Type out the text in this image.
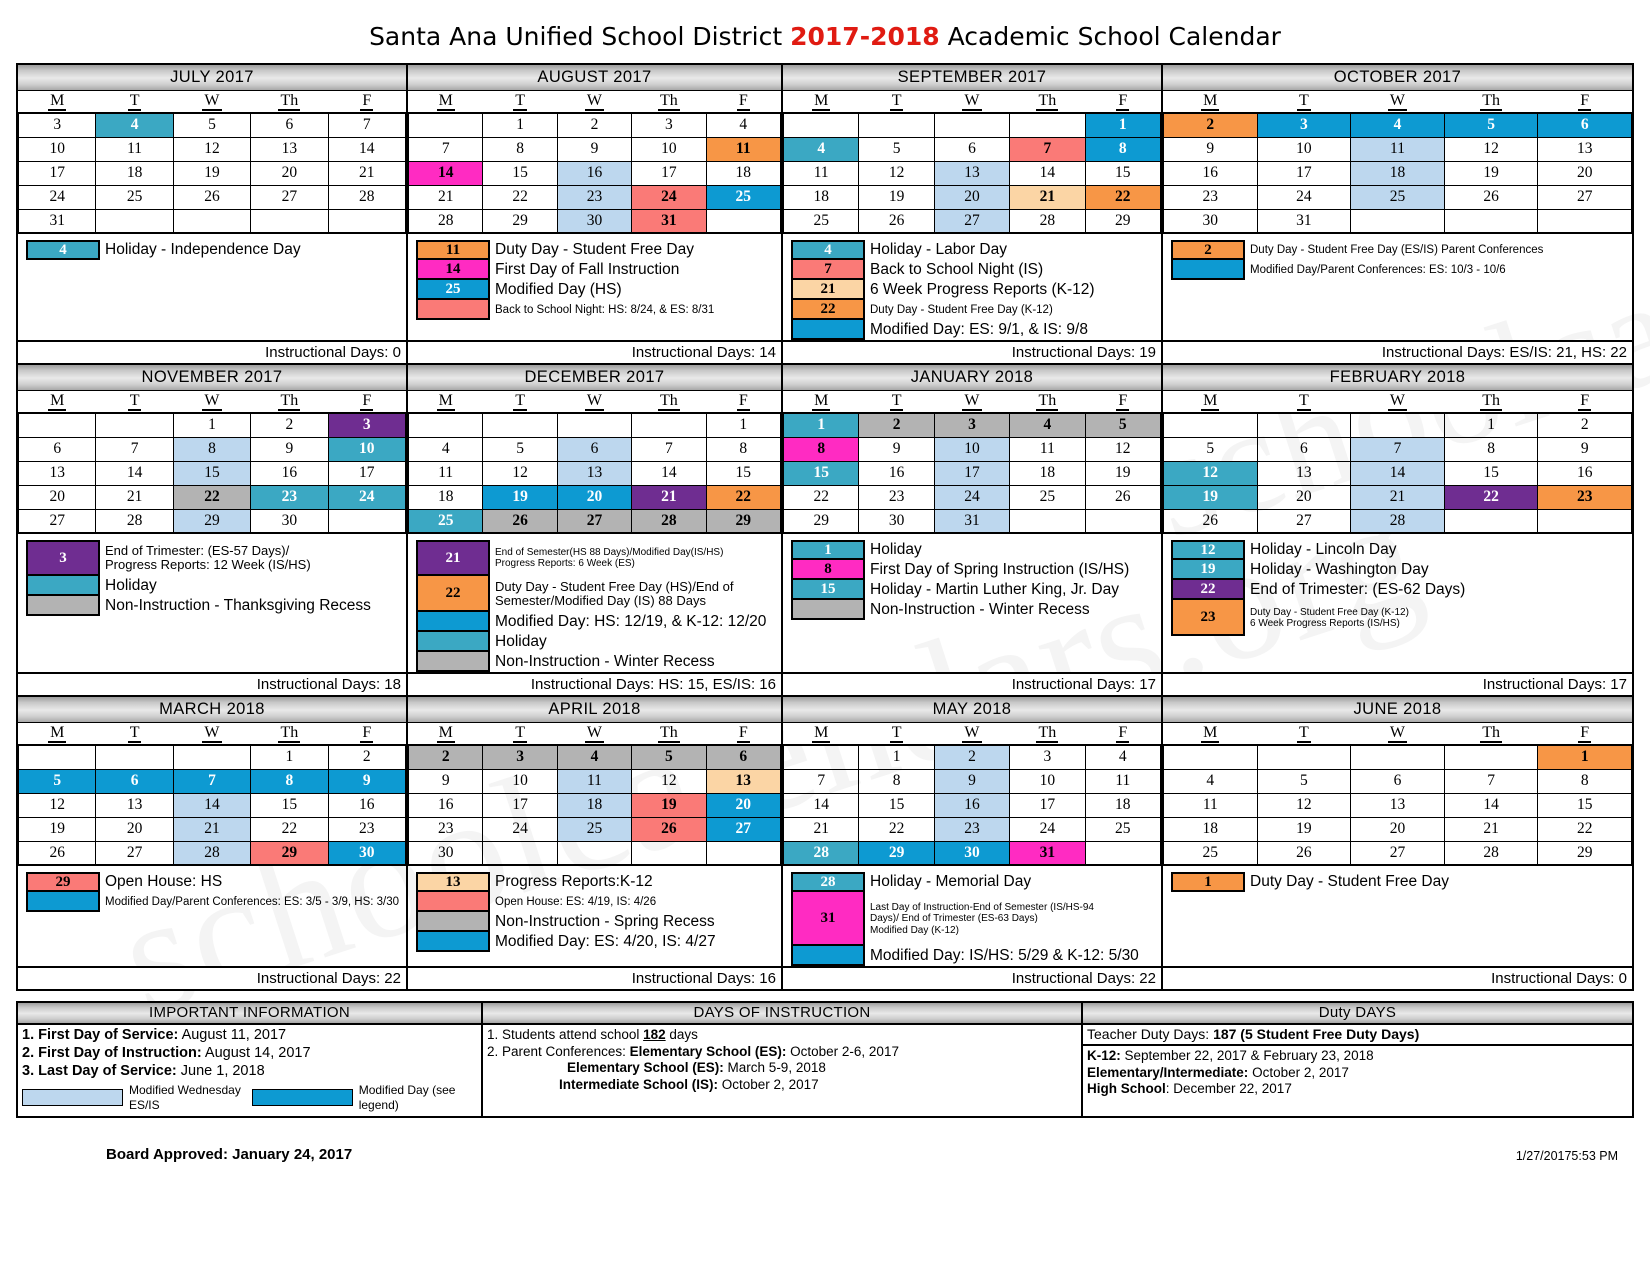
Santa Ana Unified School District 2017-2018 Academic School Calendar
JULY 2017
M	T	W	Th	F
3	4	5	6	7
10	11	12	13	14
17	18	19	20	21
24	25	26	27	28
31				
4	Holiday - Independence Day
Instructional Days: 0
AUGUST 2017
M	T	W	Th	F
	1	2	3	4
7	8	9	10	11
14	15	16	17	18
21	22	23	24	25
28	29	30	31	
11	Duty Day - Student Free Day
14	First Day of Fall Instruction
25	Modified Day (HS)
Back to School Night: HS: 8/24, & ES: 8/31
Instructional Days: 14
SEPTEMBER 2017
M	T	W	Th	F
				1
4	5	6	7	8
11	12	13	14	15
18	19	20	21	22
25	26	27	28	29
4	Holiday - Labor Day
7	Back to School Night (IS)
21	6 Week Progress Reports (K-12)
22	Duty Day - Student Free Day (K-12)
Modified Day: ES: 9/1, & IS: 9/8
Instructional Days: 19
OCTOBER 2017
M	T	W	Th	F
2	3	4	5	6
9	10	11	12	13
16	17	18	19	20
23	24	25	26	27
30	31			
2	Duty Day - Student Free Day (ES/IS) Parent Conferences
Modified Day/Parent Conferences: ES: 10/3 - 10/6
Instructional Days: ES/IS: 21, HS: 22
NOVEMBER 2017
M	T	W	Th	F
		1	2	3
6	7	8	9	10
13	14	15	16	17
20	21	22	23	24
27	28	29	30	
3	End of Trimester: (ES-57 Days)/
Progress Reports: 12 Week (IS/HS)
Holiday
Non-Instruction - Thanksgiving Recess
Instructional Days: 18
DECEMBER 2017
M	T	W	Th	F
				1
4	5	6	7	8
11	12	13	14	15
18	19	20	21	22
25	26	27	28	29
21	End of Semester(HS 88 Days)/Modified Day(IS/HS)
Progress Reports: 6 Week (ES)
22	Duty Day - Student Free Day (HS)/End of
Semester/Modified Day (IS) 88 Days
Modified Day: HS: 12/19, & K-12: 12/20
Holiday
Non-Instruction - Winter Recess
Instructional Days: HS: 15, ES/IS: 16
JANUARY 2018
M	T	W	Th	F
1	2	3	4	5
8	9	10	11	12
15	16	17	18	19
22	23	24	25	26
29	30	31		
1	Holiday
8	First Day of Spring Instruction (IS/HS)
15	Holiday - Martin Luther King, Jr. Day
Non-Instruction - Winter Recess
Instructional Days: 17
FEBRUARY 2018
M	T	W	Th	F
			1	2
5	6	7	8	9
12	13	14	15	16
19	20	21	22	23
26	27	28		
12	Holiday - Lincoln Day
19	Holiday - Washington Day
22	End of Trimester: (ES-62 Days)
23	Duty Day - Student Free Day (K-12)
6 Week Progress Reports (IS/HS)
Instructional Days: 17
MARCH 2018
M	T	W	Th	F
			1	2
5	6	7	8	9
12	13	14	15	16
19	20	21	22	23
26	27	28	29	30
29	Open House: HS
Modified Day/Parent Conferences: ES: 3/5 - 3/9, HS: 3/30
Instructional Days: 22
APRIL 2018
M	T	W	Th	F
2	3	4	5	6
9	10	11	12	13
16	17	18	19	20
23	24	25	26	27
30				
13	Progress Reports:K-12
Open House: ES: 4/19, IS: 4/26
Non-Instruction - Spring Recess
Modified Day: ES: 4/20, IS: 4/27
Instructional Days: 16
MAY 2018
M	T	W	Th	F
	1	2	3	4
7	8	9	10	11
14	15	16	17	18
21	22	23	24	25
28	29	30	31	
28	Holiday - Memorial Day
31
Last Day of Instruction-End of Semester (IS/HS-94
Days)/ End of Trimester (ES-63 Days)
Modified Day (K-12)
Modified Day: IS/HS: 5/29 & K-12: 5/30
Instructional Days: 22
JUNE 2018
M	T	W	Th	F
				1
4	5	6	7	8
11	12	13	14	15
18	19	20	21	22
25	26	27	28	29
1	Duty Day - Student Free Day
Instructional Days: 0
IMPORTANT INFORMATION
1. First Day of Service: August 11, 2017
2. First Day of Instruction: August 14, 2017
3. Last Day of Service: June 1, 2018
Modified Wednesday ES/IS
Modified Day (see legend)
DAYS OF INSTRUCTION
1. Students attend school 182 days
2. Parent Conferences: Elementary School (ES): October 2-6, 2017
Elementary School (ES): March 5-9, 2018
Intermediate School (IS): October 2, 2017
Duty DAYS
Teacher Duty Days: 187 (5 Student Free Duty Days)
K-12: September 22, 2017 & February 23, 2018
Elementary/Intermediate: October 2, 2017
High School: December 22, 2017
Board Approved: January 24, 2017	1/27/20175:53 PM
